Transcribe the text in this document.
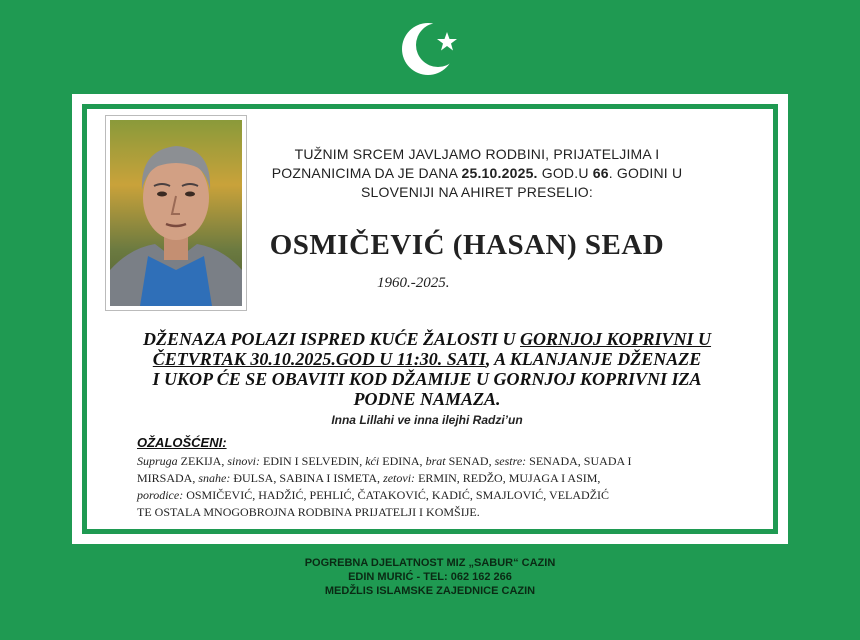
TUŽNIM SRCEM JAVLJAMO RODBINI, PRIJATELJIMA I
POZNANICIMA DA JE DANA 25.10.2025. GOD.U 66. GODINI U
SLOVENIJI NA AHIRET PRESELIO:
OSMIČEVIĆ (HASAN) SEAD
1960.-2025.
DŽENAZA POLAZI ISPRED KUĆE ŽALOSTI U GORNJOJ KOPRIVNI U
ČETVRTAK 30.10.2025.GOD U 11:30. SATI, A KLANJANJE DŽENAZE
I UKOP ĆE SE OBAVITI KOD DŽAMIJE U GORNJOJ KOPRIVNI IZA
PODNE NAMAZA.
Inna Lillahi ve inna ilejhi Radzi’un
OŽALOŠĆENI:
Supruga ZEKIJA, sinovi: EDIN I SELVEDIN, kći EDINA, brat SENAD, sestre: SENADA, SUADA I
MIRSADA, snahe: ĐULSA, SABINA I ISMETA, zetovi: ERMIN, REDŽO, MUJAGA I ASIM,
porodice: OSMIČEVIĆ, HADŽIĆ, PEHLIĆ, ČATAKOVIĆ, KADIĆ, SMAJLOVIĆ, VELADŽIĆ
TE OSTALA MNOGOBROJNA RODBINA PRIJATELJI I KOMŠIJE.
POGREBNA DJELATNOST MIZ „SABUR“ CAZIN
EDIN MURIĆ - TEL: 062 162 266
MEDŽLIS ISLAMSKE ZAJEDNICE CAZIN
